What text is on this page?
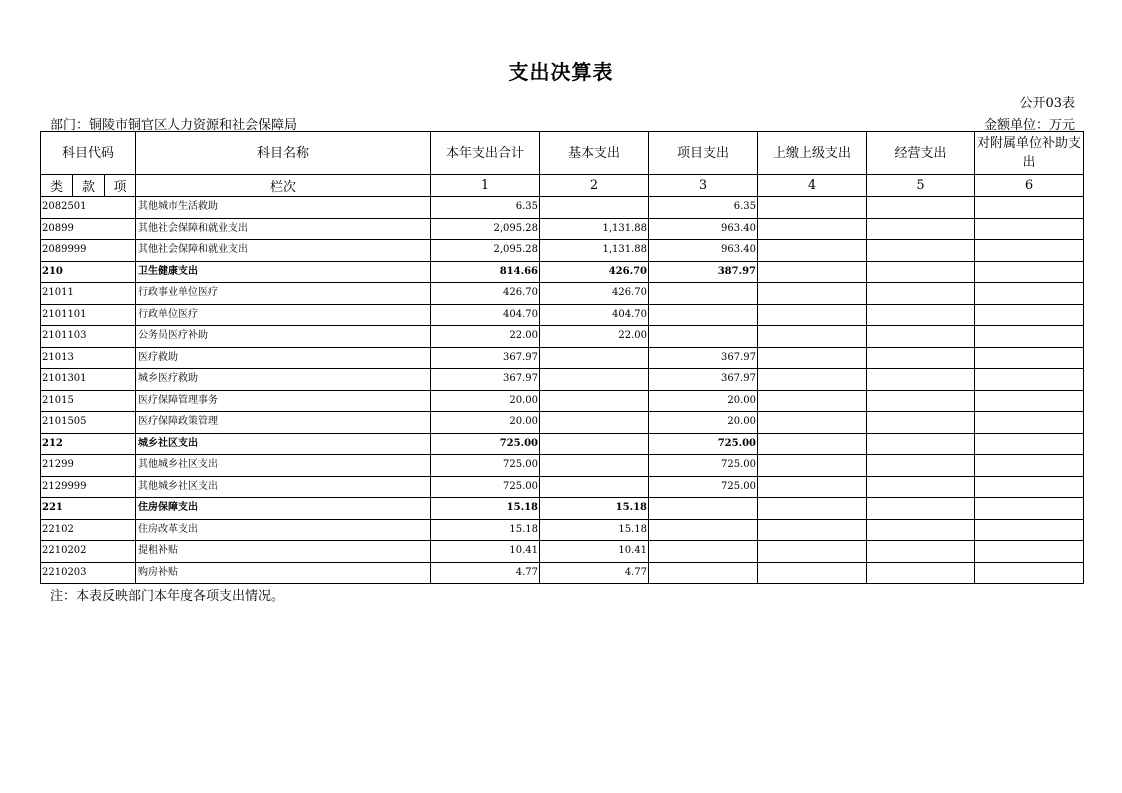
支出决算表
公开03表
部门：铜陵市铜官区人力资源和社会保障局	金额单位：万元
科目代码			科目名称	本年支出合计	基本支出	项目支出	上缴上级支出	经营支出	对附属单位补助支出
类	款	项	栏次	1	2	3	4	5	6
2082501			其他城市生活救助	6.35		6.35			
20899			其他社会保障和就业支出	2,095.28	1,131.88	963.40			
2089999			其他社会保障和就业支出	2,095.28	1,131.88	963.40			
210			卫生健康支出	814.66	426.70	387.97			
21011			行政事业单位医疗	426.70	426.70				
2101101			行政单位医疗	404.70	404.70				
2101103			公务员医疗补助	22.00	22.00				
21013			医疗救助	367.97		367.97			
2101301			城乡医疗救助	367.97		367.97			
21015			医疗保障管理事务	20.00		20.00			
2101505			医疗保障政策管理	20.00		20.00			
212			城乡社区支出	725.00		725.00			
21299			其他城乡社区支出	725.00		725.00			
2129999			其他城乡社区支出	725.00		725.00			
221			住房保障支出	15.18	15.18				
22102			住房改革支出	15.18	15.18				
2210202			提租补贴	10.41	10.41				
2210203			购房补贴	4.77	4.77				
注：本表反映部门本年度各项支出情况。
